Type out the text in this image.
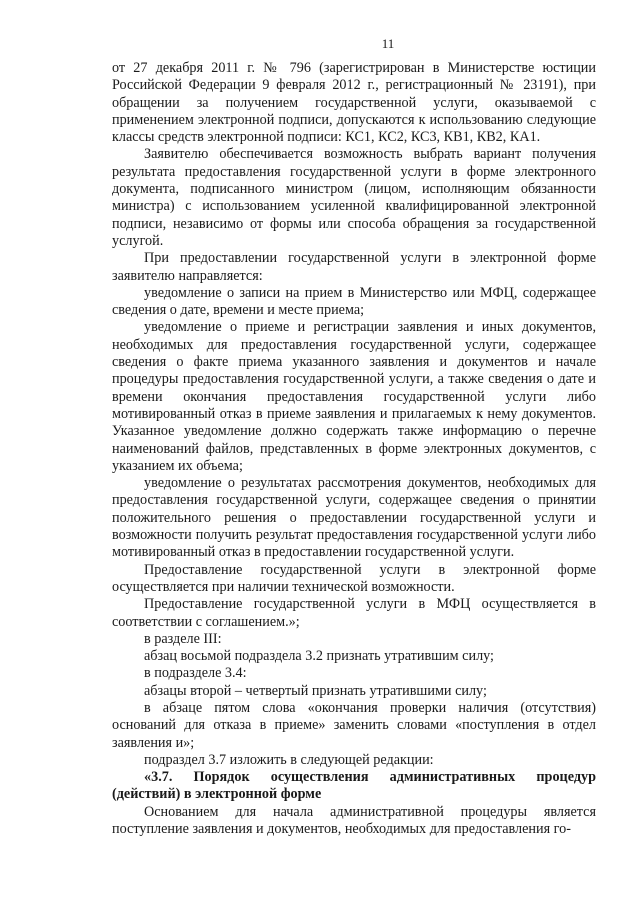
11

от 27 декабря 2011 г. № 796 (зарегистрирован в Министерстве юстиции Российской Федерации 9 февраля 2012 г., регистрационный № 23191), при обращении за получением государственной услуги, оказываемой с применением электронной подписи, допускаются к использованию следующие классы средств электронной подписи: КС1, КС2, КС3, КВ1, КВ2, КА1.

Заявителю обеспечивается возможность выбрать вариант получения результата предоставления государственной услуги в форме электронного документа, подписанного министром (лицом, исполняющим обязанности министра) с использованием усиленной квалифицированной электронной подписи, независимо от формы или способа обращения за государственной услугой.

При предоставлении государственной услуги в электронной форме заявителю направляется:

уведомление о записи на прием в Министерство или МФЦ, содержащее сведения о дате, времени и месте приема;

уведомление о приеме и регистрации заявления и иных документов, необходимых для предоставления государственной услуги, содержащее сведения о факте приема указанного заявления и документов и начале процедуры предоставления государственной услуги, а также сведения о дате и времени окончания предоставления государственной услуги либо мотивированный отказ в приеме заявления и прилагаемых к нему документов. Указанное уведомление должно содержать также информацию о перечне наименований файлов, представленных в форме электронных документов, с указанием их объема;

уведомление о результатах рассмотрения документов, необходимых для предоставления государственной услуги, содержащее сведения о принятии положительного решения о предоставлении государственной услуги и возможности получить результат предоставления государственной услуги либо мотивированный отказ в предоставлении государственной услуги.

Предоставление государственной услуги в электронной форме осуществляется при наличии технической возможности.

Предоставление государственной услуги в МФЦ осуществляется в соответствии с соглашением.»;

в разделе III:

абзац восьмой подраздела 3.2 признать утратившим силу;

в подразделе 3.4:

абзацы второй – четвертый признать утратившими силу;

в абзаце пятом слова «окончания проверки наличия (отсутствия) оснований для отказа в приеме» заменить словами «поступления в отдел заявления и»;

подраздел 3.7 изложить в следующей редакции:

«3.7. Порядок осуществления административных процедур (действий) в электронной форме

Основанием для начала административной процедуры является поступление заявления и документов, необходимых для предоставления го-
